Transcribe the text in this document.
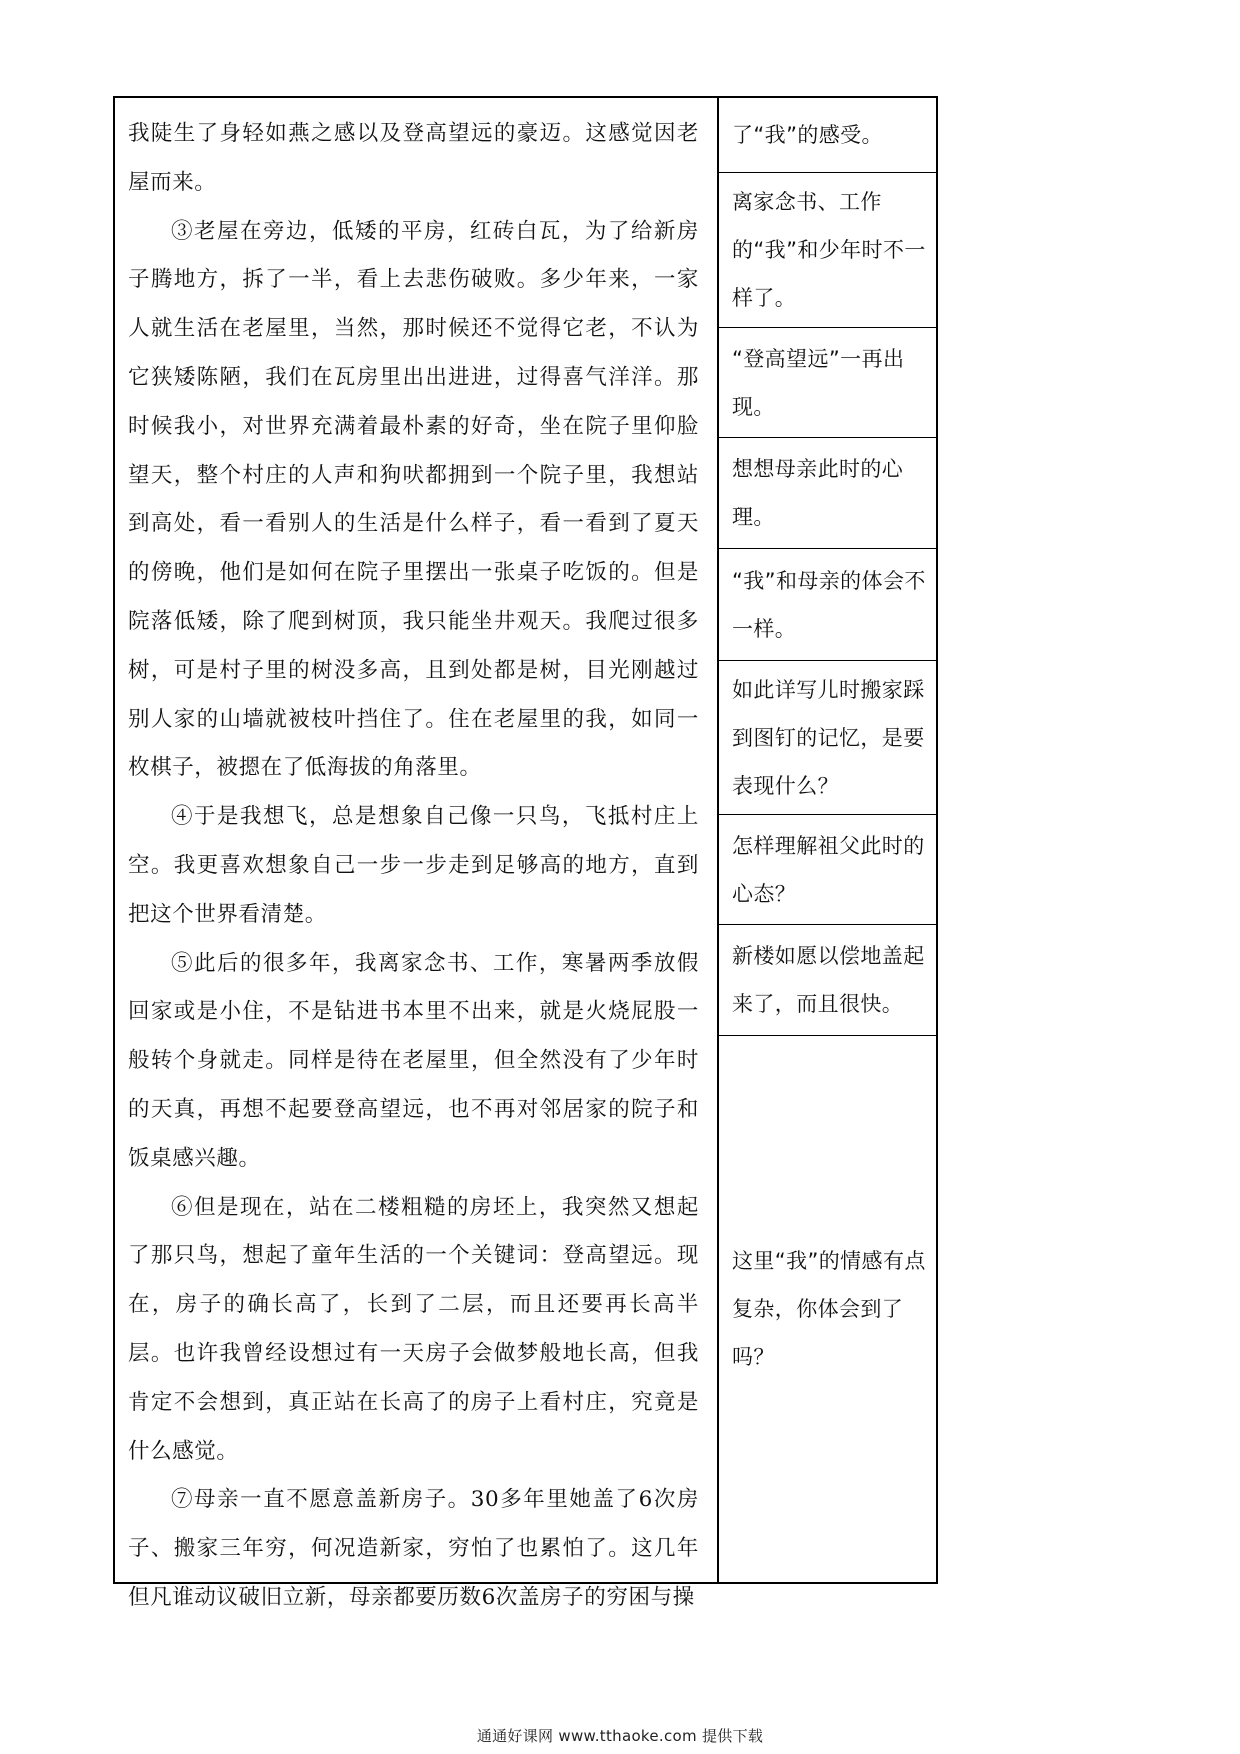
我陡生了身轻如燕之感以及登高望远的豪迈。这感觉因老屋而来。

③老屋在旁边，低矮的平房，红砖白瓦，为了给新房子腾地方，拆了一半，看上去悲伤破败。多少年来，一家人就生活在老屋里，当然，那时候还不觉得它老，不认为它狭矮陈陋，我们在瓦房里出出进进，过得喜气洋洋。那时候我小，对世界充满着最朴素的好奇，坐在院子里仰脸望天，整个村庄的人声和狗吠都拥到一个院子里，我想站到高处，看一看别人的生活是什么样子，看一看到了夏天的傍晚，他们是如何在院子里摆出一张桌子吃饭的。但是院落低矮，除了爬到树顶，我只能坐井观天。我爬过很多树，可是村子里的树没多高，且到处都是树，目光刚越过别人家的山墙就被枝叶挡住了。住在老屋里的我，如同一枚棋子，被摁在了低海拔的角落里。

④于是我想飞，总是想象自己像一只鸟，飞抵村庄上空。我更喜欢想象自己一步一步走到足够高的地方，直到把这个世界看清楚。

⑤此后的很多年，我离家念书、工作，寒暑两季放假回家或是小住，不是钻进书本里不出来，就是火烧屁股一般转个身就走。同样是待在老屋里，但全然没有了少年时的天真，再想不起要登高望远，也不再对邻居家的院子和饭桌感兴趣。

⑥但是现在，站在二楼粗糙的房坯上，我突然又想起了那只鸟，想起了童年生活的一个关键词：登高望远。现在，房子的确长高了，长到了二层，而且还要再长高半层。也许我曾经设想过有一天房子会做梦般地长高，但我肯定不会想到，真正站在长高了的房子上看村庄，究竟是什么感觉。

⑦母亲一直不愿意盖新房子。30多年里她盖了6次房子、搬家三年穷，何况造新家，穷怕了也累怕了。这几年但凡谁动议破旧立新，母亲都要历数6次盖房子的穷困与操

了“我”的感受。
离家念书、工作的“我”和少年时不一样了。
“登高望远”一再出现。
想想母亲此时的心理。
“我”和母亲的体会不一样。
如此详写儿时搬家踩到图钉的记忆，是要表现什么？
怎样理解祖父此时的心态？
新楼如愿以偿地盖起来了，而且很快。
这里“我”的情感有点复杂，你体会到了吗？
通通好课网 www.tthaoke.com 提供下载
